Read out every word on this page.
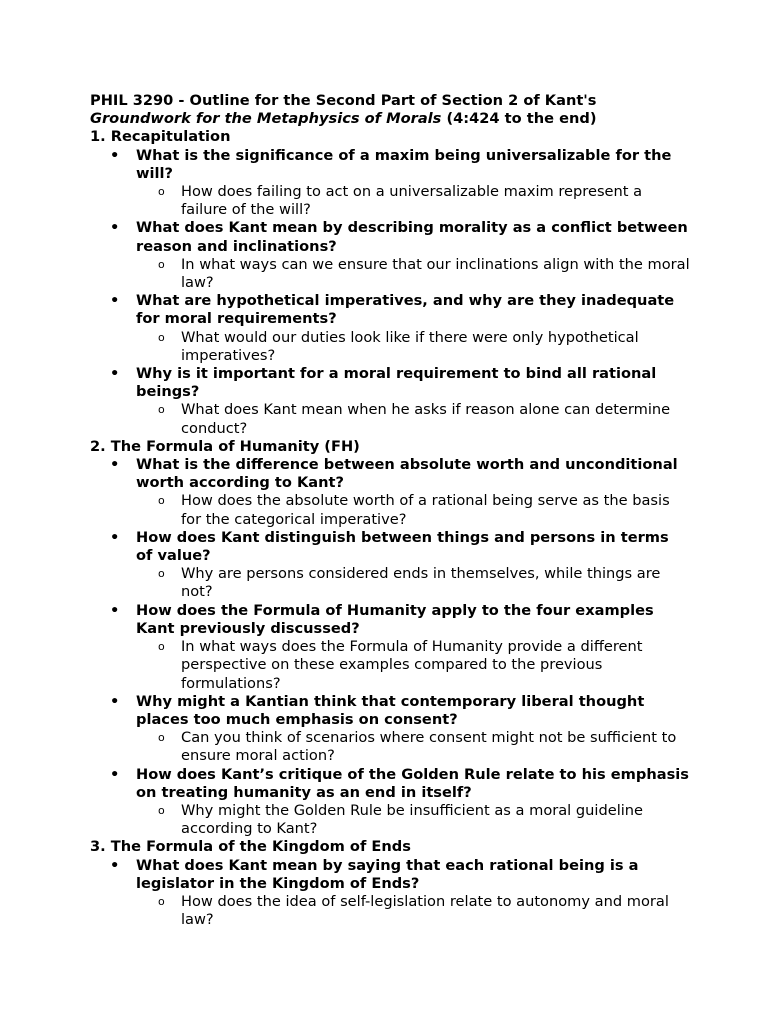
PHIL 3290 - Outline for the Second Part of Section 2 of Kant's
Groundwork for the Metaphysics of Morals (4:424 to the end)
1. Recapitulation
• What is the significance of a maxim being universalizable for the will?
o How does failing to act on a universalizable maxim represent a failure of the will?
• What does Kant mean by describing morality as a conflict between reason and inclinations?
o In what ways can we ensure that our inclinations align with the moral law?
• What are hypothetical imperatives, and why are they inadequate for moral requirements?
o What would our duties look like if there were only hypothetical imperatives?
• Why is it important for a moral requirement to bind all rational beings?
o What does Kant mean when he asks if reason alone can determine conduct?
2. The Formula of Humanity (FH)
• What is the difference between absolute worth and unconditional worth according to Kant?
o How does the absolute worth of a rational being serve as the basis for the categorical imperative?
• How does Kant distinguish between things and persons in terms of value?
o Why are persons considered ends in themselves, while things are not?
• How does the Formula of Humanity apply to the four examples Kant previously discussed?
o In what ways does the Formula of Humanity provide a different perspective on these examples compared to the previous formulations?
• Why might a Kantian think that contemporary liberal thought places too much emphasis on consent?
o Can you think of scenarios where consent might not be sufficient to ensure moral action?
• How does Kant’s critique of the Golden Rule relate to his emphasis on treating humanity as an end in itself?
o Why might the Golden Rule be insufficient as a moral guideline according to Kant?
3. The Formula of the Kingdom of Ends
• What does Kant mean by saying that each rational being is a legislator in the Kingdom of Ends?
o How does the idea of self-legislation relate to autonomy and moral law?
